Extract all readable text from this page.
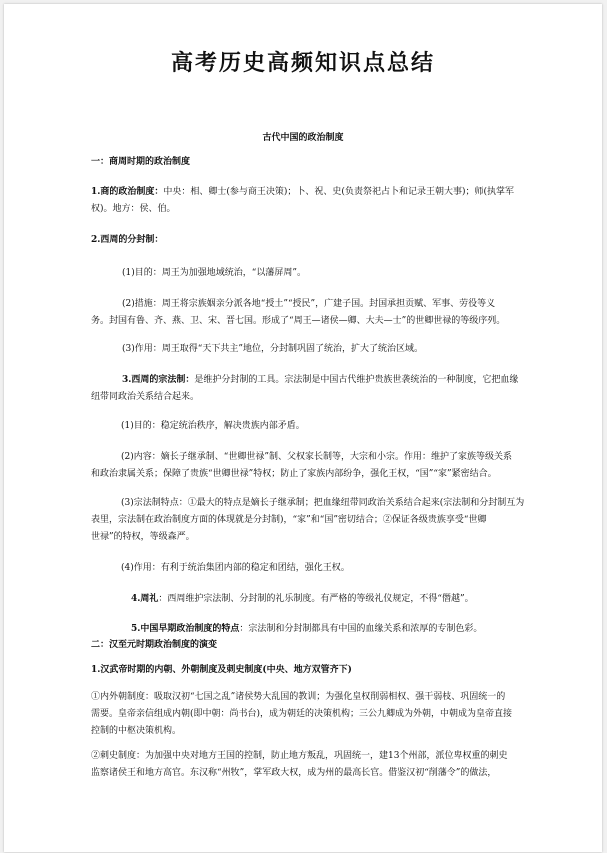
高考历史高频知识点总结
古代中国的政治制度
一：商周时期的政治制度
1.商的政治制度：中央：相、卿士(参与商王决策)；卜、祝、史(负责祭祀占卜和记录王朝大事)；师(执掌军
权)。地方：侯、伯。
2.西周的分封制：
(1)目的：周王为加强地域统治，“以藩屏周”。
(2)措施：周王将宗族姻亲分派各地“授土”“授民”，广建子国。封国承担贡赋、军事、劳役等义
务。封国有鲁、齐、燕、卫、宋、晋七国。形成了“周王—诸侯—卿、大夫—士”的世卿世禄的等级序列。
(3)作用：周王取得“天下共主”地位，分封制巩固了统治，扩大了统治区域。
3.西周的宗法制：是维护分封制的工具。宗法制是中国古代维护贵族世袭统治的一种制度，它把血缘
纽带同政治关系结合起来。
(1)目的：稳定统治秩序，解决贵族内部矛盾。
(2)内容：嫡长子继承制、“世卿世禄”制、父权家长制等，大宗和小宗。作用：维护了家族等级关系
和政治隶属关系；保障了贵族“世卿世禄”特权；防止了家族内部纷争，强化王权，“国”“家”紧密结合。
(3)宗法制特点：①最大的特点是嫡长子继承制；把血缘纽带同政治关系结合起来(宗法制和分封制互为
表里，宗法制在政治制度方面的体现就是分封制)，“家”和“国”密切结合；②保证各级贵族享受“世卿
世禄”的特权，等级森严。
(4)作用：有利于统治集团内部的稳定和团结，强化王权。
4.周礼：西周维护宗法制、分封制的礼乐制度。有严格的等级礼仪规定，不得“僭越”。
5.中国早期政治制度的特点：宗法制和分封制都具有中国的血缘关系和浓厚的专制色彩。
二：汉至元时期政治制度的演变
1.汉武帝时期的内朝、外朝制度及刺史制度(中央、地方双管齐下)
①内外朝制度：吸取汉初“七国之乱”诸侯势大乱国的教训；为强化皇权削弱相权、强干弱枝、巩固统一的
需要。皇帝亲信组成内朝(即中朝：尚书台)，成为朝廷的决策机构；三公九卿成为外朝，中朝成为皇帝直接
控制的中枢决策机构。
②刺史制度：为加强中央对地方王国的控制，防止地方叛乱，巩固统一，建13个州部，派位卑权重的刺史
监察诸侯王和地方高官。东汉称“州牧”，掌军政大权，成为州的最高长官。借鉴汉初“削藩令”的做法，
